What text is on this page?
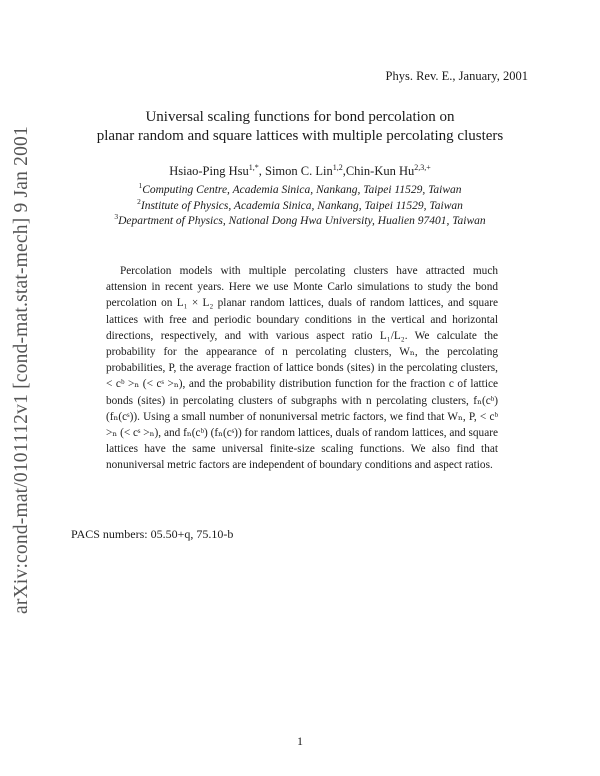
arXiv:cond-mat/0101112v1 [cond-mat.stat-mech] 9 Jan 2001
Phys. Rev. E., January, 2001
Universal scaling functions for bond percolation on
planar random and square lattices with multiple percolating clusters
Hsiao-Ping Hsu$^{1,*}$, Simon C. Lin$^{1,2}$,Chin-Kun $Hu^{2,3,+}$
$^1$Computing Centre, Academia Sinica, Nankang, Taipei 11529, Taiwan
$^2$Institute of Physics, Academia Sinica, Nankang, Taipei 11529, Taiwan
$^3$Department of Physics, National Dong Hwa University, Hualien 97401, Taiwan

Percolation models with multiple percolating clusters have attracted much attension in recent years. Here we use Monte Carlo simulations to study the bond percolation on L₁ × L₂ planar random lattices, duals of random lattices, and square lattices with free and periodic boundary conditions in the vertical and horizontal directions, respectively, and with various aspect ratio L₁/L₂. We calculate the probability for the appearance of n percolating clusters, Wₙ, the percolating probabilities, P, the average fraction of lattice bonds (sites) in the percolating clusters, < cᵇ >ₙ (< cˢ >ₙ), and the probability distribution function for the fraction c of lattice bonds (sites) in percolating clusters of subgraphs with n percolating clusters, fₙ(cᵇ) (fₙ(cˢ)). Using a small number of nonuniversal metric factors, we find that Wₙ, P, < cᵇ >ₙ (< cˢ >ₙ), and fₙ(cᵇ) (fₙ(cˢ)) for random lattices, duals of random lattices, and square lattices have the same universal finite-size scaling functions. We also find that nonuniversal metric factors are independent of boundary conditions and aspect ratios.

PACS numbers: 05.50+q, 75.10-b
1
